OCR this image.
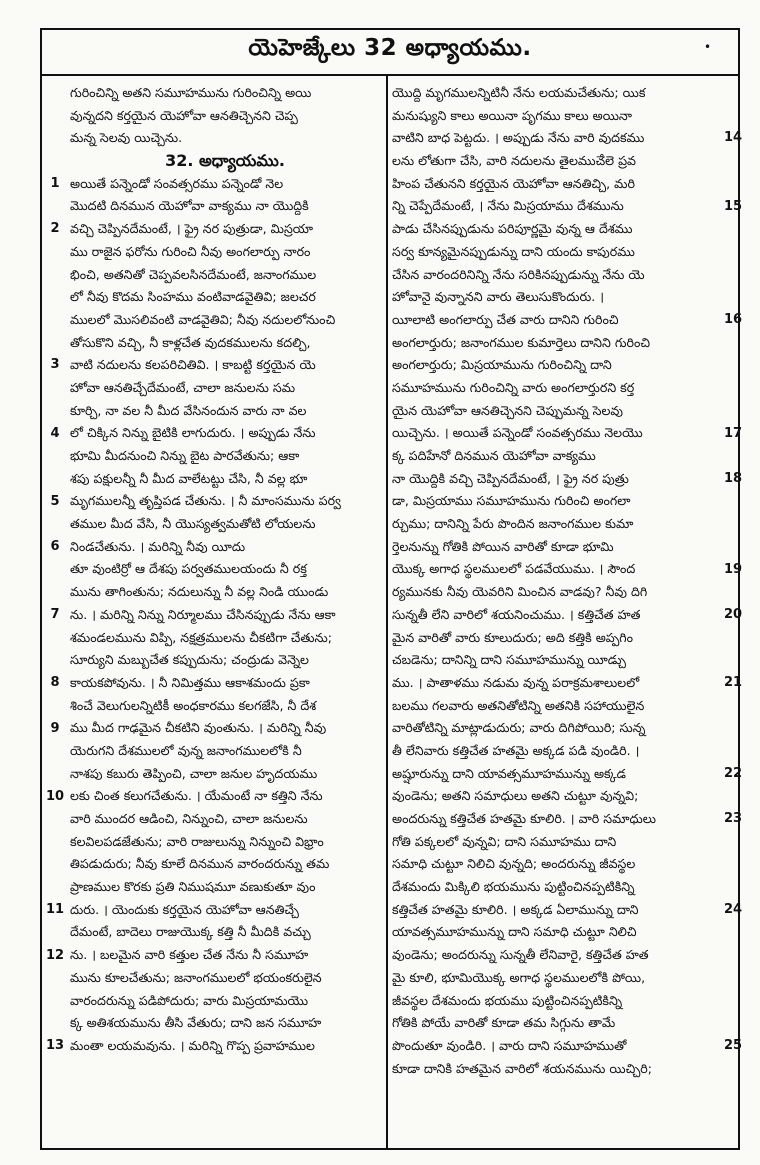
యెహెజ్కేలు 32 అధ్యాయము.	•
1
2
3
4
5
6
7
8
9
10
11
12
13
గురించిన్ని అతని సమూహమును గురించిన్ని అయి
వున్నదని కర్తయైన యెహోవా ఆనతిచ్చెనని చెప్ప
మన్న సెలవు యిచ్చెను.
32. అధ్యాయము.
అయితే పన్నెండో సంవత్సరము పన్నెండో నెల
మొదటి దినమున యెహోవా వాక్యము నా యొద్దికి
వచ్చి చెప్పినదేమంటే, । ఫ్రై నర పుత్రుడా, మిస్రయా
ము రాజైన ఫరోను గురించి నీవు అంగలార్పు నారం
భించి, అతనితో చెప్పవలసినదేమంటే, జనాంగముల
లో నీవు కొదమ సింహము వంటివాడవైతివి; జలచర
ములలో మొసలివంటి వాడవైతివి; నీవు నదులలోనుంచి
తోసుకొని వచ్చి, నీ కాళ్లచేత వుదకములను కదల్చి,
వాటి నదులను కలపరిచితివి. । కాబట్టి కర్తయైన యె
హోవా ఆనతిచ్చేదేమంటే, చాలా జనులను సమ
కూర్చి, నా వల నీ మీద వేసినందున వారు నా వల
లో చిక్కిన నిన్ను బైటికి లాగుదురు. । అప్పుడు నేను
భూమి మీదనుంచి నిన్ను బైట పారవేతును; ఆకా
శపు పక్షులన్నీ నీ మీద వాలేటట్టు చేసి, నీ వల్ల భూ
మృగములన్నీ తృప్తిపడ చేతును. । నీ మాంసమును పర్వ
తముల మీద వేసి, నీ యొస్యత్వమతోటి లోయలను
నిండచేతును. । మరిన్ని నీవు యీదు
తూ వుంటిర్రో ఆ దేశపు పర్వతములయందు నీ రక్త
మును తాగింతును; నదులున్ను నీ వల్ల నిండి యుండు
ను. । మరిన్ని నిన్ను నిర్మూలము చేసినప్పుడు నేను ఆకా
శమండలమును విప్పి, నక్షత్రములను చీకటిగా చేతును;
సూర్యుని మబ్బుచేత కప్పుదును; చంద్రుడు వెన్నెల
కాయకపోవును. । నీ నిమిత్తము ఆకాశమందు ప్రకా
శించే వెలుగులన్నిటికీ అంధకారము కలగజేసి, నీ దేశ
ము మీద గాఢమైన చీకటిని వుంతును. । మరిన్ని నీవు
యెరుగని దేశములలో వున్న జనాంగములలోకి నీ
నాశపు కబురు తెప్పించి, చాలా జనుల హృదయము
లకు చింత కలుగచేతును. । యేమంటే నా కత్తిని నేను
వారి ముందర ఆడించి, నిన్నుంచి, చాలా జనులను
కలవిలపడజేతును; వారి రాజులున్ను నిన్నుంచి విభ్రాం
తిపడుదురు; నీవు కూలే దినమున వారందరున్ను తమ
ప్రాణముల కొరకు ప్రతి నిముషమూ వణుకుతూ వుం
దురు. । యెందుకు కర్తయైన యెహోవా ఆనతిచ్చే
దేమంటే, బాదెలు రాజుయొక్క కత్తి నీ మీదికి వచ్చు
ను. । బలమైన వారి కత్తుల చేత నేను నీ సమూహ
మును కూలచేతును; జనాంగములలో భయంకరులైన
వారందరున్ను పడిపోదురు; వారు మిస్రయామయొ
క్క అతిశయమును తీసి వేతురు; దాని జన సమూహ
మంతా లయమవును. । మరిన్ని గొప్ప ప్రవాహముల
యొద్ది మృగములన్నిటినీ నేను లయమచేతును; యిక
మనుష్యుని కాలు అయినా పృగము కాలు అయినా
వాటిని బాధ పెట్టదు. । అప్పుడు నేను వారి వుదకము
లను లోతుగా చేసి, వారి నదులను తైలముౘలె ప్రవ
హింప చేతునని కర్తయైన యెహోవా ఆనతిచ్చి, మరి
న్ని చెప్పేదేమంటే, । నేను మిస్రయాము దేశమును
పాడు చేసినప్పుడును పరిపూర్ణమై వున్న ఆ దేశము
సర్వ కూన్యమైనప్పుడున్ను దాని యందు కాపురము
చేసిన వారందరినిన్ని నేను సరికినప్పుడున్ను నేను యె
హోవానై వున్నానని వారు తెలుసుకొందురు. ।
యీలాటి అంగలార్పు చేత వారు దానిని గురించి
అంగలార్తురు; జనాంగముల కుమార్తెలు దానిని గురించి
అంగలార్తురు; మిస్రయామును గురించిన్ని దాని
సమూహమును గురించిన్ని వారు అంగలార్తురని కర్త
యైన యెహోవా ఆనతిచ్చెనని చెప్పుమన్న సెలవు
యిచ్చెను. । అయితే పన్నెండో సంవత్సరము నెలయొ
క్క పదిహేనో దినమున యెహోవా వాక్యము
నా యొద్దికి వచ్చి చెప్పినదేమంటే, । ఫ్రై నర పుత్రు
డా, మిస్రయాము సమూహమును గురించి అంగలా
ర్చుము; దానిన్ని పేరు పొందిన జనాంగముల కుమా
ర్తెలనున్ను గోతికి పోయిన వారితో కూడా భూమి
యొక్క అగాధ స్థలములలో పడవేయుము. । సౌంద
ర్యమునకు నీవు యెవరిని మించిన వాడవు? నీవు దిగి
సున్నతీ లేని వారిలో శయనించుము. । కత్తిచేత హత
మైన వారితో వారు కూలుదురు; అది కత్తికి అప్పగిం
చబడెను; దానిన్ని దాని సమూహమున్ను యీడ్చు
ము. । పాతాళము నడుమ వున్న పరాక్రమశాలులలో
బలము గలవారు అతనితోటిన్ని అతనికి సహాయులైన
వారితోటిన్ని మాట్లాడుదురు; వారు దిగిపోయిరి; సున్న
తీ లేనివారు కత్తిచేత హతమై అక్కడ పడి వుండిరి. ।
అష్షూరున్ను దాని యావత్సమూహమున్ను అక్కడ
వుండెను; అతని సమాధులు అతని చుట్టూ వున్నవి;
అందరున్ను కత్తిచేత హతమై కూలిరి. । వారి సమాధులు
గోతి పక్కలలో వున్నవి; దాని సమూహము దాని
సమాధి చుట్టూ నిలిచి వున్నది; అందరున్ను జీవస్థల
దేశమందు మిక్కిలి భయమును పుట్టించినప్పటికిన్ని
కత్తిచేత హతమై కూలిరి. । అక్కడ ఏలామున్ను దాని
యావత్సమూహమున్ను దాని సమాధి చుట్టూ నిలిచి
వుండెను; అందరున్ను సున్నతీ లేనివారై, కత్తిచేత హత
మై కూలి, భూమియొక్క అగాధ స్థలములలోకి పోయి,
జీవస్థల దేశమందు భయము పుట్టించినప్పటికిన్ని
గోతికి పోయే వారితో కూడా తమ సిగ్గును తామే
పొందుతూ వుండిరి. । వారు దాని సమూహముతో
కూడా దానికి హతమైన వారిలో శయనమును యిచ్చిరి;
14
15
16
17
18
19
20
21
22
23
24
25
